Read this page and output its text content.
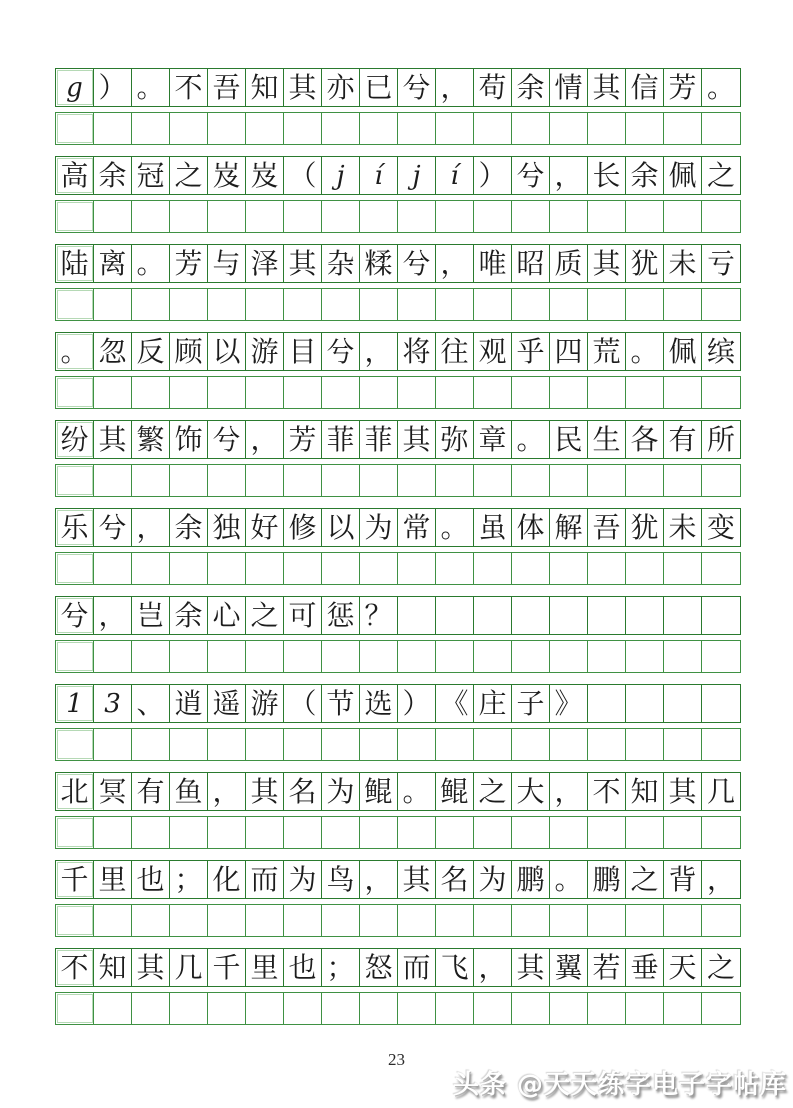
g ） 。 不 吾 知 其 亦 已 兮 ， 苟 余 情 其 信 芳 。
高 余 冠 之 岌 岌 （ j í j í ） 兮 ， 长 余 佩 之
陆 离 。 芳 与 泽 其 杂 糅 兮 ， 唯 昭 质 其 犹 未 亏
。 忽 反 顾 以 游 目 兮 ， 将 往 观 乎 四 荒 。 佩 缤
纷 其 繁 饰 兮 ， 芳 菲 菲 其 弥 章 。 民 生 各 有 所
乐 兮 ， 余 独 好 修 以 为 常 。 虽 体 解 吾 犹 未 变
兮 ， 岂 余 心 之 可 惩 ？
1 3 、 逍 遥 游 （ 节 选 ） 《 庄 子 》
北 冥 有 鱼 ， 其 名 为 鲲 。 鲲 之 大 ， 不 知 其 几
千 里 也 ； 化 而 为 鸟 ， 其 名 为 鹏 。 鹏 之 背 ，
不 知 其 几 千 里 也 ； 怒 而 飞 ， 其 翼 若 垂 天 之
23
头条 @天天练字电子字帖库
